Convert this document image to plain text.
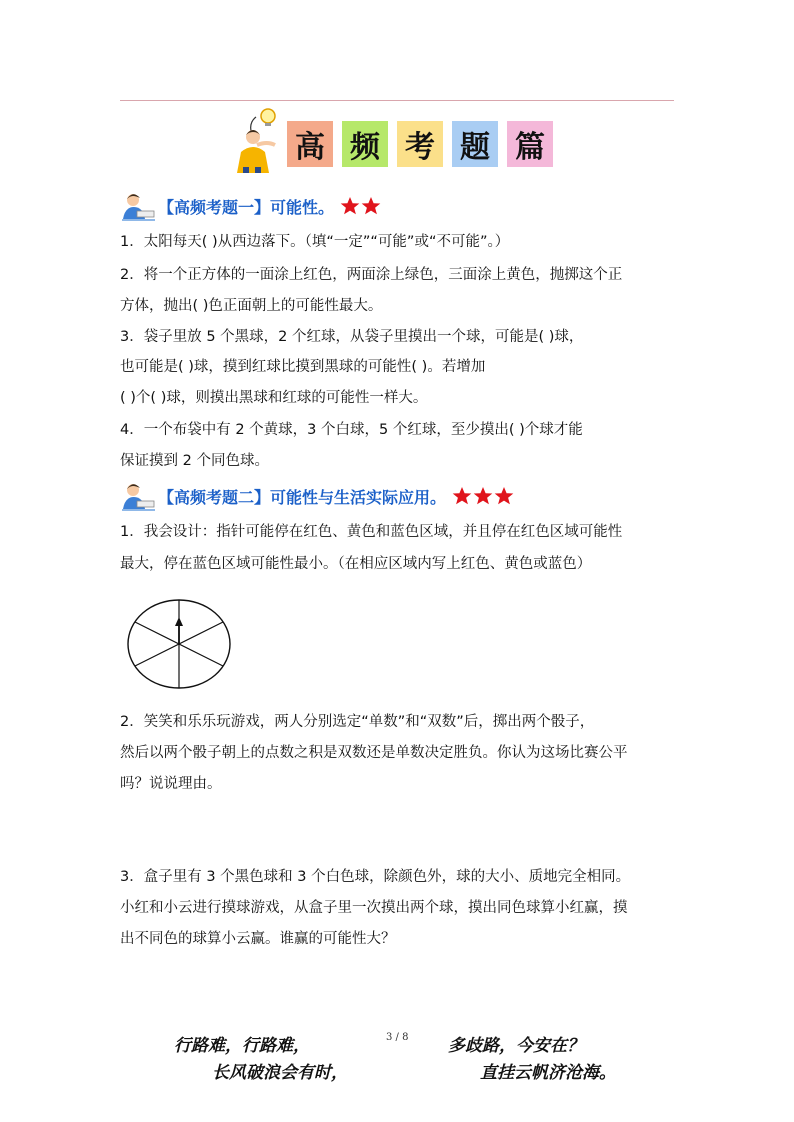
高 频 考 题 篇
【高频考题一】可能性。
1．太阳每天( )从西边落下。（填“一定”“可能”或“不可能”。）
2．将一个正方体的一面涂上红色，两面涂上绿色，三面涂上黄色，抛掷这个正
方体，抛出( )色正面朝上的可能性最大。
3．袋子里放 5 个黑球，2 个红球，从袋子里摸出一个球，可能是( )球，
也可能是( )球，摸到红球比摸到黑球的可能性( )。若增加
( )个( )球，则摸出黑球和红球的可能性一样大。
4．一个布袋中有 2 个黄球，3 个白球，5 个红球，至少摸出( )个球才能
保证摸到 2 个同色球。
【高频考题二】可能性与生活实际应用。
1．我会设计：指针可能停在红色、黄色和蓝色区域，并且停在红色区域可能性
最大，停在蓝色区域可能性最小。（在相应区域内写上红色、黄色或蓝色）
2．笑笑和乐乐玩游戏，两人分别选定“单数”和“双数”后，掷出两个骰子，
然后以两个骰子朝上的点数之积是双数还是单数决定胜负。你认为这场比赛公平
吗？说说理由。
3．盒子里有 3 个黑色球和 3 个白色球，除颜色外，球的大小、质地完全相同。
小红和小云进行摸球游戏，从盒子里一次摸出两个球，摸出同色球算小红赢，摸
出不同色的球算小云赢。谁赢的可能性大？
3 / 8
行路难，行路难，	多歧路，今安在？
长风破浪会有时，	直挂云帆济沧海。
